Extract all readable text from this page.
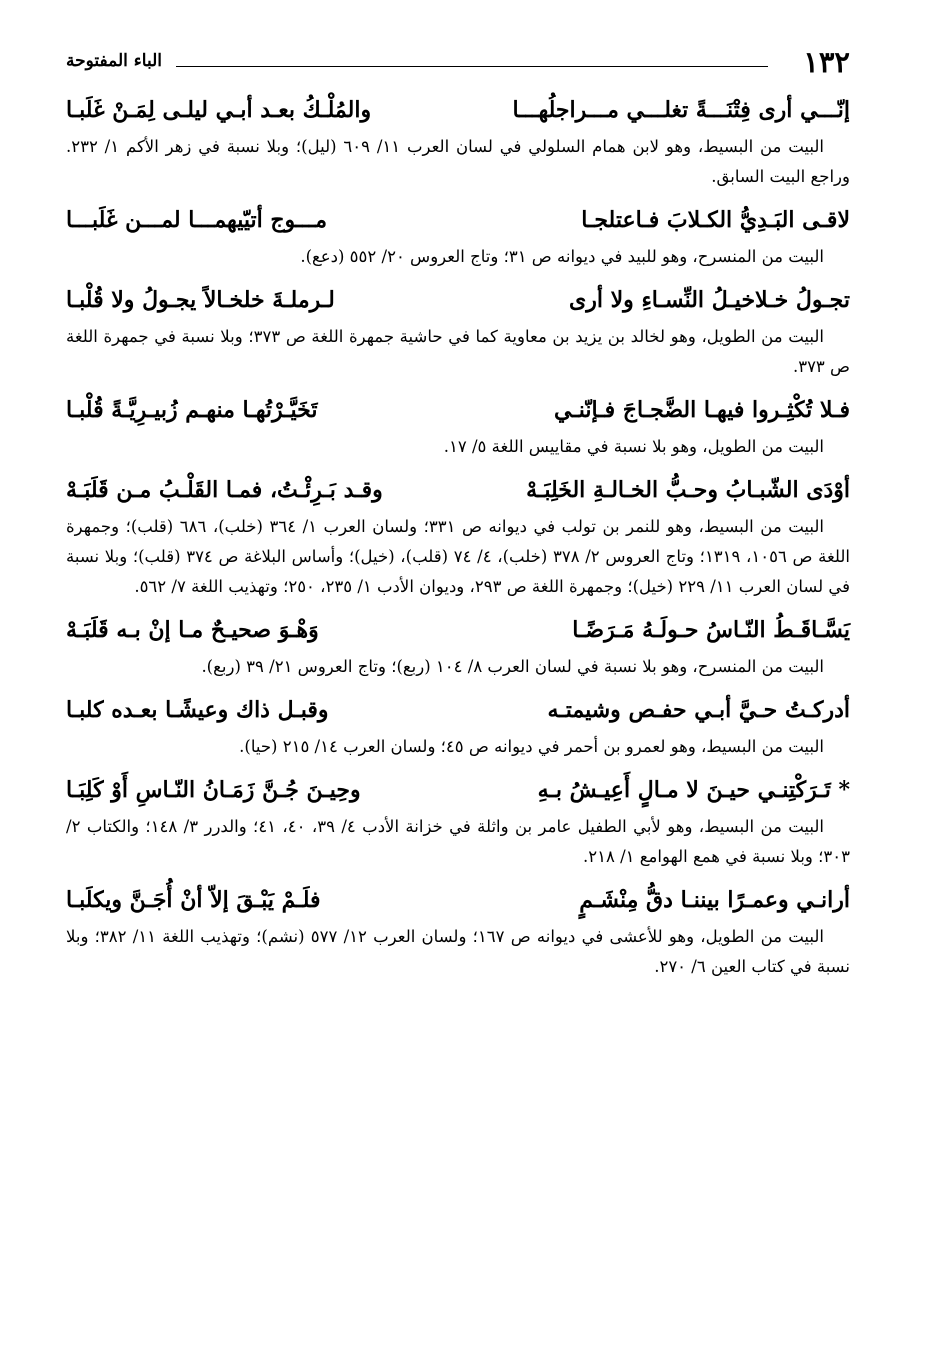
١٣٢
الباء المفتوحة
إنّـــي أرى فِتْنَـــةً تغلـــي مـــراجلُهـــا
والمُلْـكُ بعـد أبـي ليلـى لِمَـنْ غَلَبـا

البيت من البسيط، وهو لابن همام السلولي في لسان العرب ١١/ ٦٠٩ (ليل)؛ وبلا نسبة في زهر الأكم ١/ ٢٣٢. وراجع البيت السابق.

لاقـى البَـدِيُّ الكـلابَ فـاعتلجـا
مـــوج أتيّيهمـــا لمـــن غَلَبـــا

البيت من المنسرح، وهو للبيد في ديوانه ص ٣١؛ وتاج العروس ٢٠/ ٥٥٢ (دعع).

تجـولُ خـلاخيـلُ النِّسـاءِ ولا أرى
لـرملـةَ خلخـالاً يجـولُ ولا قُلْبـا

البيت من الطويل، وهو لخالد بن يزيد بن معاوية كما في حاشية جمهرة اللغة ص ٣٧٣؛ وبلا نسبة في جمهرة اللغة ص ٣٧٣.

فـلا تُكْثِـروا فيهـا الضَّجـاجَ فـإنّنـي
تَخَيَّـرْتُهـا منهـم زُبيـرِيَّـةً قُلْبـا

البيت من الطويل، وهو بلا نسبة في مقاييس اللغة ٥/ ١٧.

أوْدَى الشّبـابُ وحـبُّ الخـالـةِ الخَلِبَـهْ
وقـد بَـرِئْـتُ، فمـا القَلْـبُ مـن قَلَبَـهْ

البيت من البسيط، وهو للنمر بن تولب في ديوانه ص ٣٣١؛ ولسان العرب ١/ ٣٦٤ (خلب)، ٦٨٦ (قلب)؛ وجمهرة اللغة ص ١٠٥٦، ١٣١٩؛ وتاج العروس ٢/ ٣٧٨ (خلب)، ٤/ ٧٤ (قلب)، (خيل)؛ وأساس البلاغة ص ٣٧٤ (قلب)؛ وبلا نسبة في لسان العرب ١١/ ٢٢٩ (خيل)؛ وجمهرة اللغة ص ٢٩٣، وديوان الأدب ١/ ٢٣٥، ٢٥٠؛ وتهذيب اللغة ٧/ ٥٦٢.

يَسَّـاقَـطُ النّـاسُ حـولَـهُ مَـرَضًـا
وَهْـوَ صحيـحٌ مـا إنْ بـه قَلَبَـهْ

البيت من المنسرح، وهو بلا نسبة في لسان العرب ٨/ ١٠٤ (ربع)؛ وتاج العروس ٢١/ ٣٩ (ربع).

أدركـتُ حـيَّ أبـي حفـص وشيمتـه
وقبـل ذاك وعيشًـا بعـده كلبـا

البيت من البسيط، وهو لعمرو بن أحمر في ديوانه ص ٤٥؛ ولسان العرب ١٤/ ٢١٥ (حيا).

* تَـرَكْتِنـي حيـنَ لا مـالٍ أَعِيـشُ بـهِ
وحِيـنَ جُـنَّ زَمَـانُ النّـاسِ أَوْ كَلِبَـا

البيت من البسيط، وهو لأبي الطفيل عامر بن واثلة في خزانة الأدب ٤/ ٣٩، ٤٠، ٤١؛ والدرر ٣/ ١٤٨؛ والكتاب ٢/ ٣٠٣؛ وبلا نسبة في همع الهوامع ١/ ٢١٨.

أرانـي وعمـرًا بيننـا دقُّ مِنْشَـمٍ
فلَـمْ يَبْـقَ إلاّ أنْ أُجَـنَّ ويكلَبـا

البيت من الطويل، وهو للأعشى في ديوانه ص ١٦٧؛ ولسان العرب ١٢/ ٥٧٧ (نشم)؛ وتهذيب اللغة ١١/ ٣٨٢؛ وبلا نسبة في كتاب العين ٦/ ٢٧٠.
